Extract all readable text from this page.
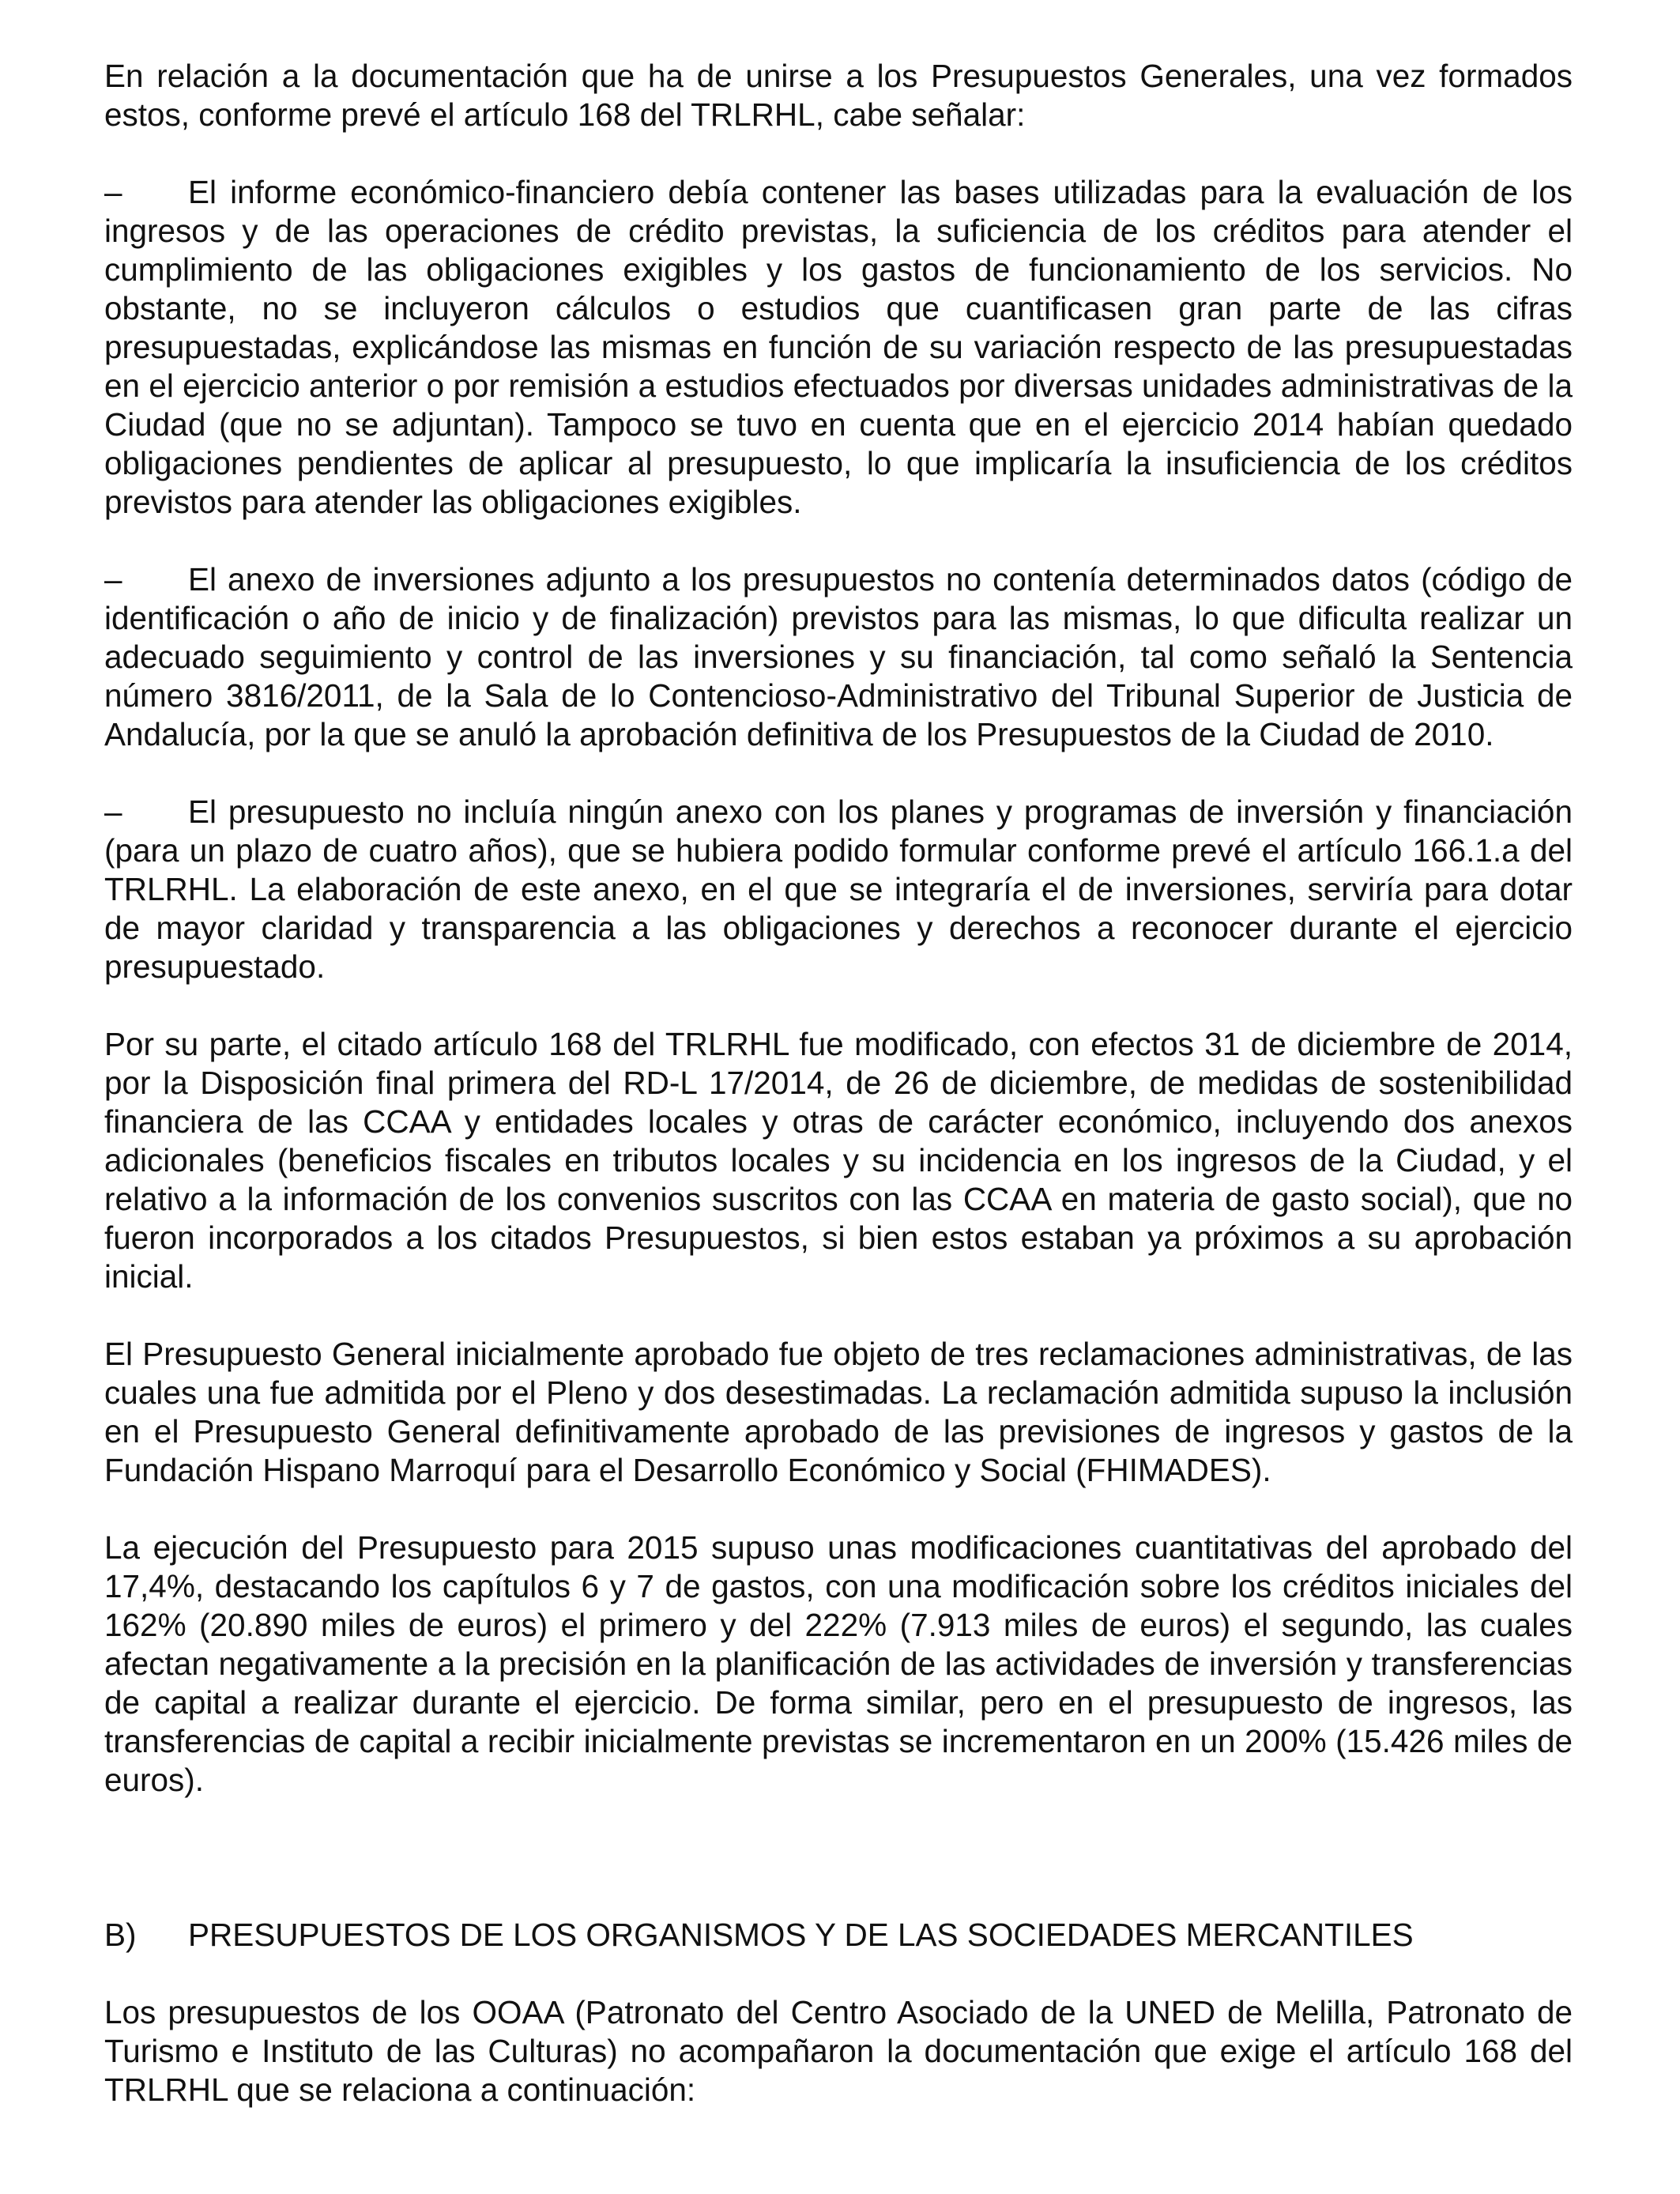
En relación a la documentación que ha de unirse a los Presupuestos Generales, una vez formados estos, conforme prevé el artículo 168 del TRLRHL, cabe señalar:

– El informe económico-financiero debía contener las bases utilizadas para la evaluación de los ingresos y de las operaciones de crédito previstas, la suficiencia de los créditos para atender el cumplimiento de las obligaciones exigibles y los gastos de funcionamiento de los servicios. No obstante, no se incluyeron cálculos o estudios que cuantificasen gran parte de las cifras presupuestadas, explicándose las mismas en función de su variación respecto de las presupuestadas en el ejercicio anterior o por remisión a estudios efectuados por diversas unidades administrativas de la Ciudad (que no se adjuntan). Tampoco se tuvo en cuenta que en el ejercicio 2014 habían quedado obligaciones pendientes de aplicar al presupuesto, lo que implicaría la insuficiencia de los créditos previstos para atender las obligaciones exigibles.
– El anexo de inversiones adjunto a los presupuestos no contenía determinados datos (código de identificación o año de inicio y de finalización) previstos para las mismas, lo que dificulta realizar un adecuado seguimiento y control de las inversiones y su financiación, tal como señaló la Sentencia número 3816/2011, de la Sala de lo Contencioso-Administrativo del Tribunal Superior de Justicia de Andalucía, por la que se anuló la aprobación definitiva de los Presupuestos de la Ciudad de 2010.
– El presupuesto no incluía ningún anexo con los planes y programas de inversión y financiación (para un plazo de cuatro años), que se hubiera podido formular conforme prevé el artículo 166.1.a del TRLRHL. La elaboración de este anexo, en el que se integraría el de inversiones, serviría para dotar de mayor claridad y transparencia a las obligaciones y derechos a reconocer durante el ejercicio presupuestado.

Por su parte, el citado artículo 168 del TRLRHL fue modificado, con efectos 31 de diciembre de 2014, por la Disposición final primera del RD-L 17/2014, de 26 de diciembre, de medidas de sostenibilidad financiera de las CCAA y entidades locales y otras de carácter económico, incluyendo dos anexos adicionales (beneficios fiscales en tributos locales y su incidencia en los ingresos de la Ciudad, y el relativo a la información de los convenios suscritos con las CCAA en materia de gasto social), que no fueron incorporados a los citados Presupuestos, si bien estos estaban ya próximos a su aprobación inicial.

El Presupuesto General inicialmente aprobado fue objeto de tres reclamaciones administrativas, de las cuales una fue admitida por el Pleno y dos desestimadas. La reclamación admitida supuso la inclusión en el Presupuesto General definitivamente aprobado de las previsiones de ingresos y gastos de la Fundación Hispano Marroquí para el Desarrollo Económico y Social (FHIMADES).

La ejecución del Presupuesto para 2015 supuso unas modificaciones cuantitativas del aprobado del 17,4%, destacando los capítulos 6 y 7 de gastos, con una modificación sobre los créditos iniciales del 162% (20.890 miles de euros) el primero y del 222% (7.913 miles de euros) el segundo, las cuales afectan negativamente a la precisión en la planificación de las actividades de inversión y transferencias de capital a realizar durante el ejercicio. De forma similar, pero en el presupuesto de ingresos, las transferencias de capital a recibir inicialmente previstas se incrementaron en un 200% (15.426 miles de euros).

B) PRESUPUESTOS DE LOS ORGANISMOS Y DE LAS SOCIEDADES MERCANTILES

Los presupuestos de los OOAA (Patronato del Centro Asociado de la UNED de Melilla, Patronato de Turismo e Instituto de las Culturas) no acompañaron la documentación que exige el artículo 168 del TRLRHL que se relaciona a continuación:
